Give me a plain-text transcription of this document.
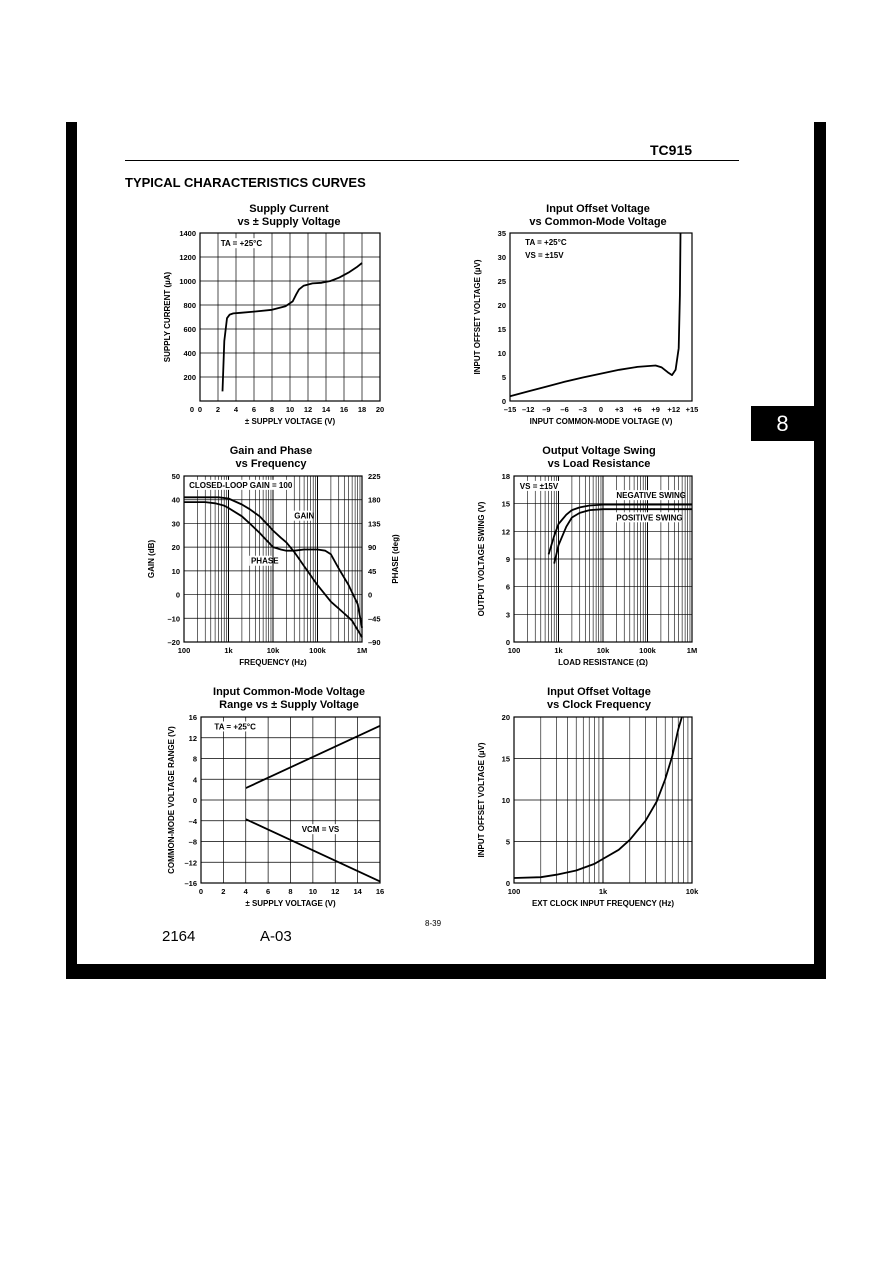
TC915
TYPICAL CHARACTERISTICS CURVES
8
8-39
2164	A-03
Supply Current
vs ± Supply Voltage
0 2 4 6 8 10 12 14 16 18 20
200
400
600
800
1000
1200
1400
0
± SUPPLY VOLTAGE (V)
SUPPLY CURRENT (µA)
TA = +25°C
Input Offset Voltage
vs Common-Mode Voltage
–15 –12 –9 –6 –3 0 +3 +6 +9 +12 +15
0
5
10
15
20
25
30
35
INPUT COMMON-MODE VOLTAGE (V)
INPUT OFFSET VOLTAGE (µV)
TA = +25°C
VS = ±15V
Gain and Phase
vs Frequency
100	1k	10k	100k	1M
–20
–10
0
10
20
30
40
50
–90
–45
0
45
90
135
180
225
PHASE (deg)
FREQUENCY (Hz)
GAIN (dB)
CLOSED-LOOP GAIN = 100
GAIN
PHASE
Output Voltage Swing
vs Load Resistance
100	1k	10k	100k	1M
0
3
6
9
12
15
18
LOAD RESISTANCE (Ω)
OUTPUT VOLTAGE SWING (V)
VS = ±15V
NEGATIVE SWING
POSITIVE SWING
Input Common-Mode Voltage
Range vs ± Supply Voltage
0 2 4 6 8 10 12 14 16
–16
–12
–8
–4
0
4
8
12
16
± SUPPLY VOLTAGE (V)
COMMON-MODE VOLTAGE RANGE (V)	TA = +25°C
VCM = VS
Input Offset Voltage
vs Clock Frequency
100	1k	10k
0
5
10
15
20
EXT CLOCK INPUT FREQUENCY (Hz)
INPUT OFFSET VOLTAGE (µV)
